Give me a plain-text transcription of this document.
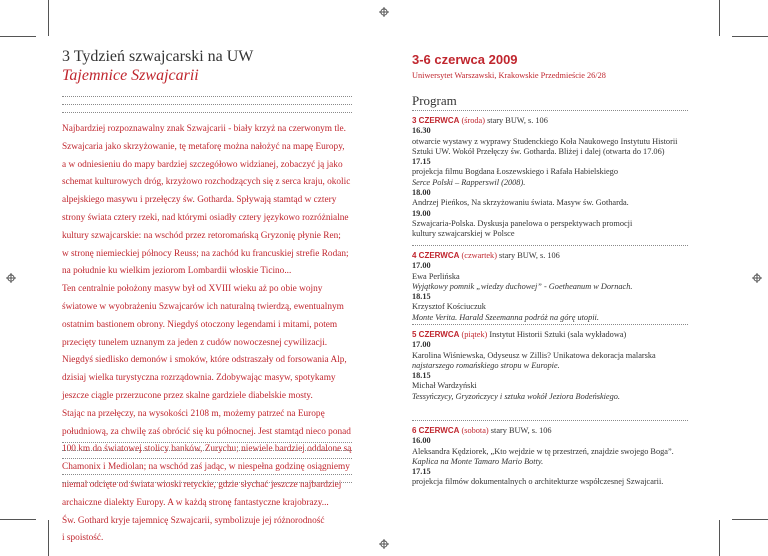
3 Tydzień szwajcarski na UW
Tajemnice Szwajcarii

Najbardziej rozpoznawalny znak Szwajcarii - biały krzyż na czerwonym tle.

Szwajcaria jako skrzyżowanie, tę metaforę można nałożyć na mapę Europy,

a w odniesieniu do mapy bardziej szczegółowo widzianej, zobaczyć ją jako

schemat kulturowych dróg, krzyżowo rozchodzących się z serca kraju, okolic

alpejskiego masywu i przełęczy św. Gotharda. Spływają stamtąd w cztery

strony świata cztery rzeki, nad którymi osiadły cztery językowo rozróżnialne

kultury szwajcarskie: na wschód przez retoromańską Gryzonię płynie Ren;

w stronę niemieckiej północy Reuss; na zachód ku francuskiej strefie Rodan;

na południe ku wielkim jeziorom Lombardii włoskie Ticino...

Ten centralnie położony masyw był od XVIII wieku aż po obie wojny

światowe w wyobrażeniu Szwajcarów ich naturalną twierdzą, ewentualnym

ostatnim bastionem obrony. Niegdyś otoczony legendami i mitami, potem

przecięty tunelem uznanym za jeden z cudów nowoczesnej cywilizacji.

Niegdyś siedlisko demonów i smoków, które odstraszały od forsowania Alp,

dzisiaj wielka turystyczna rozrządownia. Zdobywając masyw, spotykamy

jeszcze ciągle przerzucone przez skalne gardziele diabelskie mosty.

Stając na przełęczy, na wysokości 2108 m, możemy patrzeć na Europę

południową, za chwilę zaś obrócić się ku północnej. Jest stamtąd nieco ponad

100 km do światowej stolicy banków, Zurychu; niewiele bardziej oddalone są

Chamonix i Mediolan; na wschód zaś jadąc, w niespełna godzinę osiągniemy

niemal odcięte od świata wioski retyckie, gdzie słychać jeszcze najbardziej

archaiczne dialekty Europy. A w każdą stronę fantastyczne krajobrazy...

Św. Gothard kryje tajemnicę Szwajcarii, symbolizuje jej różnorodność

i spoistość.

3-6 czerwca 2009
Uniwersytet Warszawski, Krakowskie Przedmieście 26/28
Program
3 CZERWCA (środa) stary BUW, s. 106
16.30
otwarcie wystawy z wyprawy Studenckiego Koła Naukowego Instytutu Historii
Sztuki UW. Wokół Przełęczy św. Gotharda. Bliżej i dalej (otwarta do 17.06)
17.15
projekcja filmu Bogdana Łoszewskiego i Rafała Habielskiego
Serce Polski – Rapperswil (2008).
18.00
Andrzej Pieńkos, Na skrzyżowaniu świata. Masyw św. Gotharda.
19.00
Szwajcaria-Polska. Dyskusja panelowa o perspektywach promocji
kultury szwajcarskiej w Polsce
4 CZERWCA (czwartek) stary BUW, s. 106
17.00
Ewa Perlińska
Wyjątkowy pomnik „wiedzy duchowej” - Goetheanum w Dornach.
18.15
Krzysztof Kościuczuk
Monte Verita. Harald Szeemanna podróż na górę utopii.
5 CZERWCA (piątek) Instytut Historii Sztuki (sala wykładowa)
17.00
Karolina Wiśniewska, Odyseusz w Zillis? Unikatowa dekoracja malarska
najstarszego romańskiego stropu w Europie.
18.15
Michał Wardzyński
Tessyńczycy, Gryzończycy i sztuka wokół Jeziora Bodeńskiego.
6 CZERWCA (sobota) stary BUW, s. 106
16.00
Aleksandra Kędziorek, „Kto wejdzie w tę przestrzeń, znajdzie swojego Boga”.
Kaplica na Monte Tamaro Mario Botty.
17.15
projekcja filmów dokumentalnych o architekturze współczesnej Szwajcarii.
